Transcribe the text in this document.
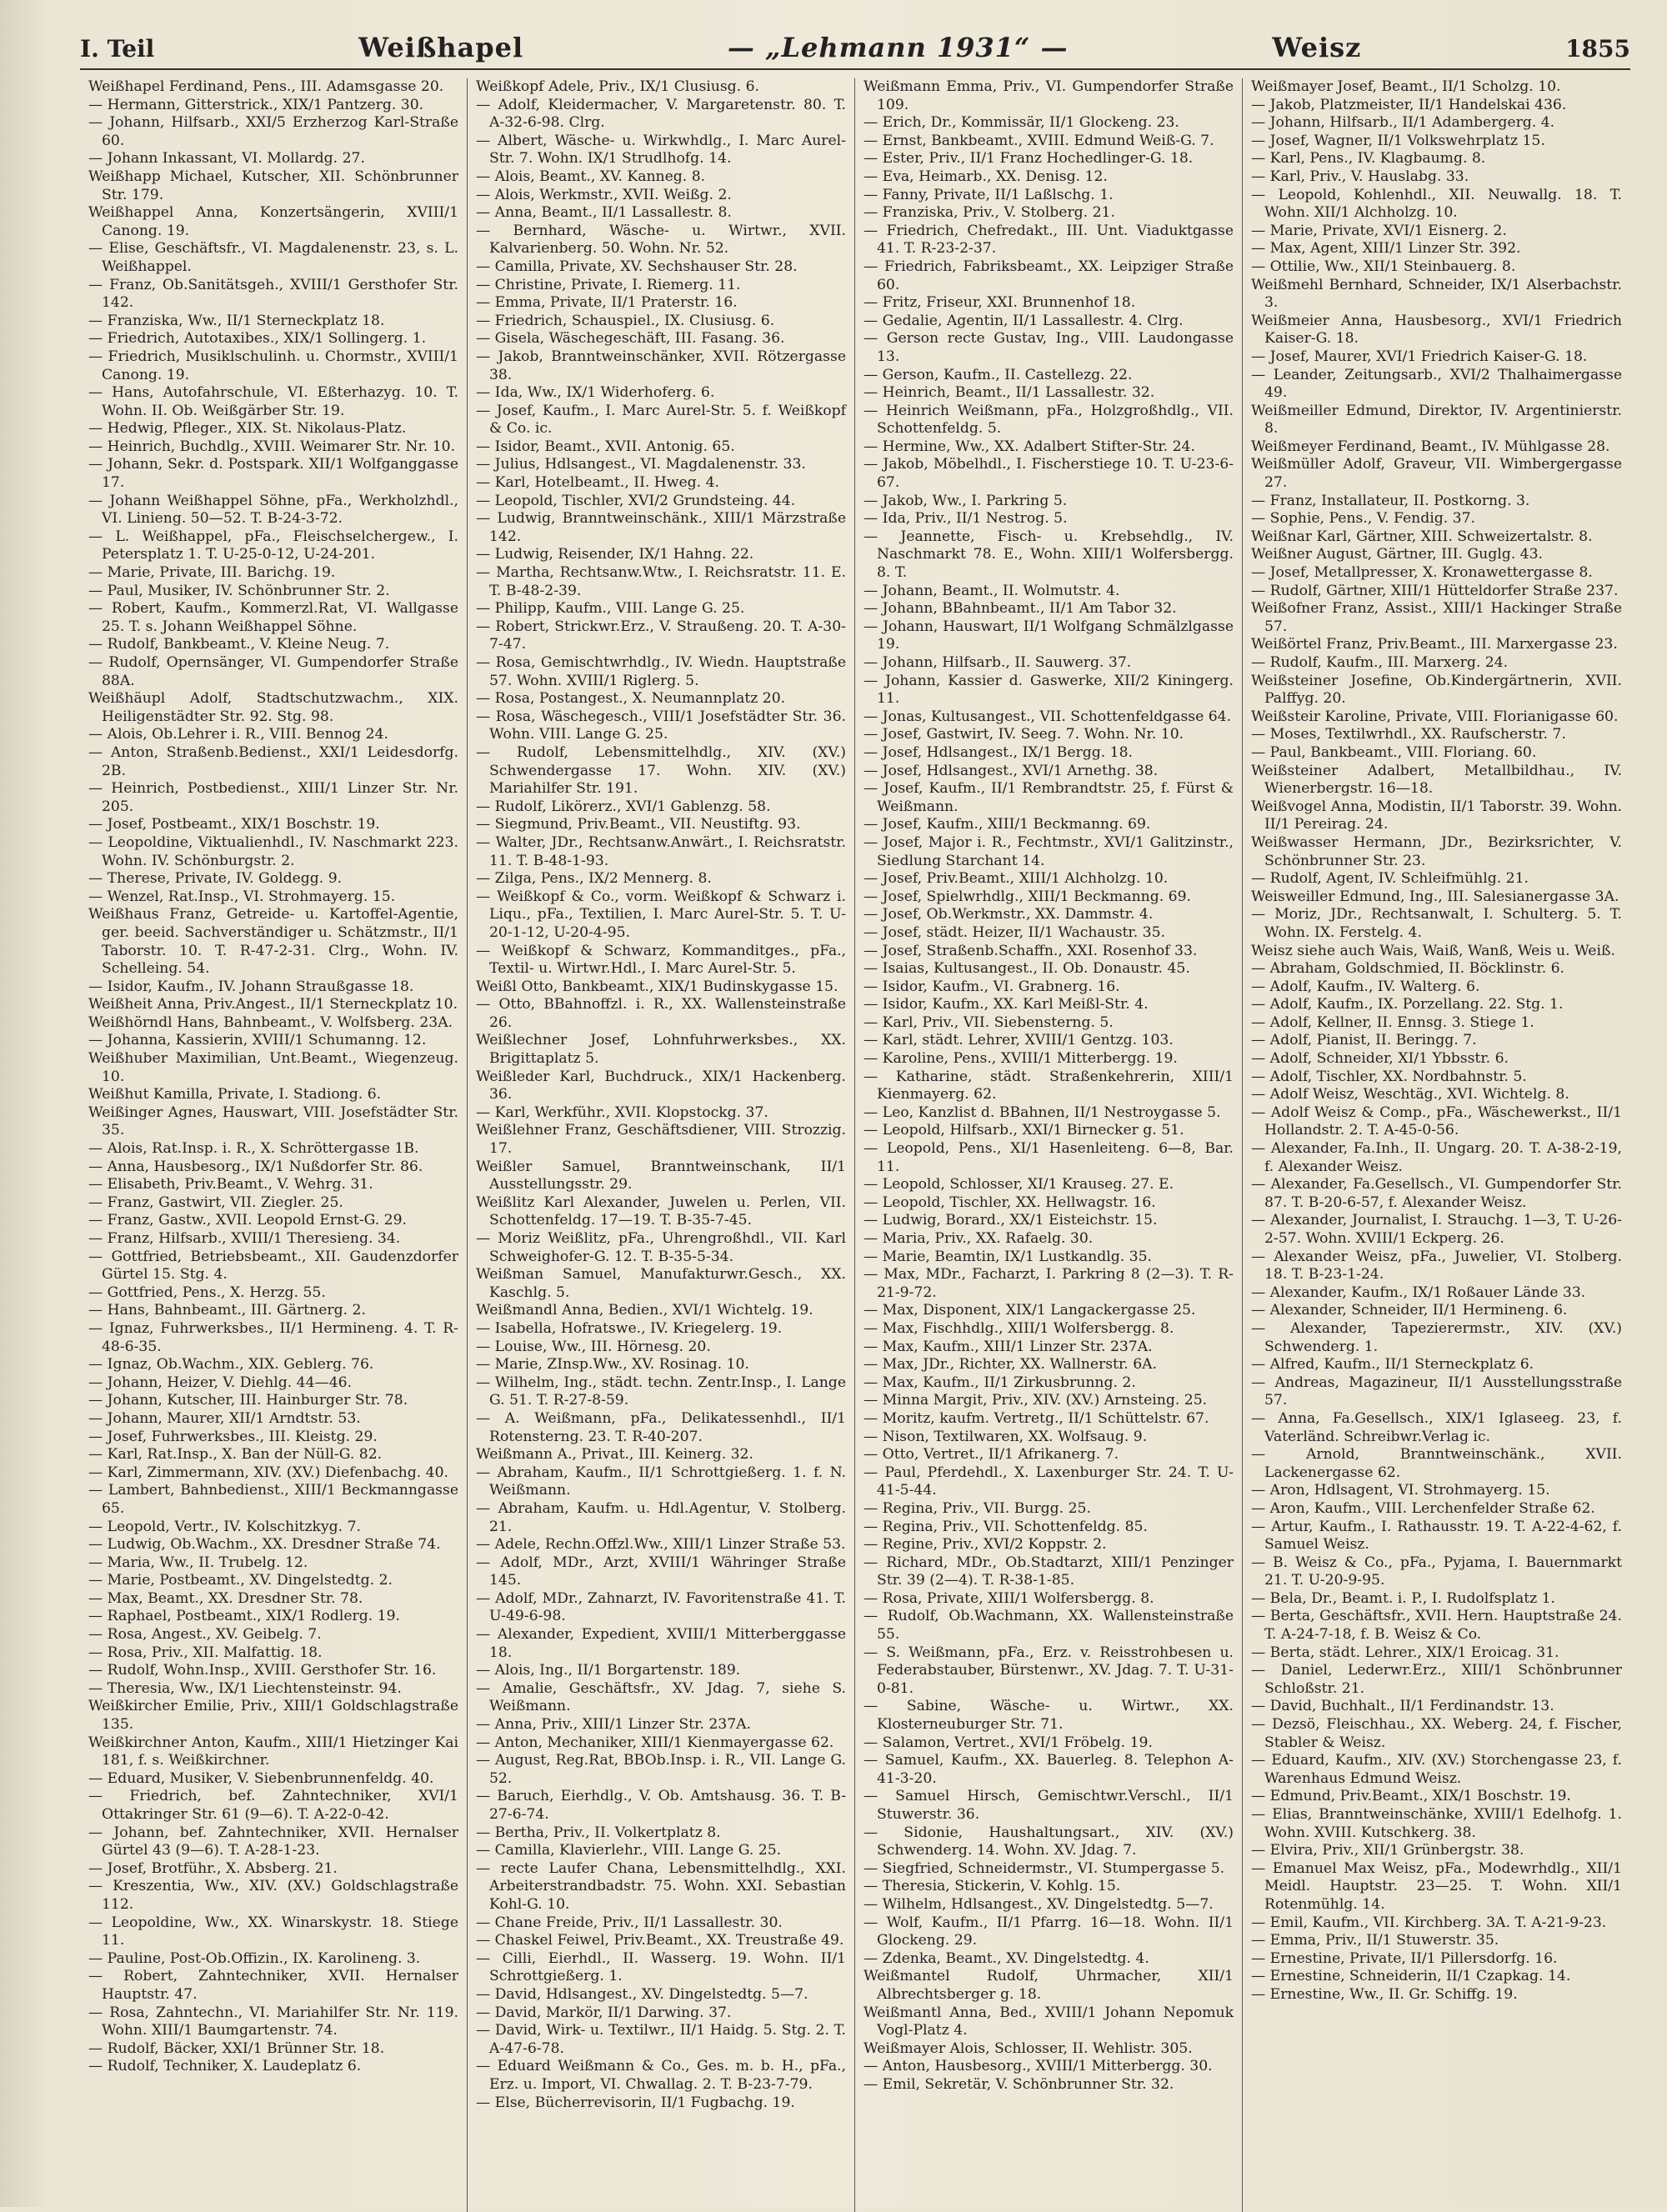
I. Teil	Weißhapel	— „Lehmann 1931“ —	Weisz	1855
Weißhapel Ferdinand, Pens., III. Adamsgasse 20.
— Hermann, Gitterstrick., XIX/1 Pantzerg. 30.
— Johann, Hilfsarb., XXI/5 Erzherzog Karl-Straße 60.
— Johann Inkassant, VI. Mollardg. 27.
Weißhapp Michael, Kutscher, XII. Schönbrunner Str. 179.
Weißhappel Anna, Konzertsängerin, XVIII/1 Canong. 19.
— Elise, Geschäftsfr., VI. Magdalenenstr. 23, s. L. Weißhappel.
— Franz, Ob.Sanitätsgeh., XVIII/1 Gersthofer Str. 142.
— Franziska, Ww., II/1 Sterneckplatz 18.
— Friedrich, Autotaxibes., XIX/1 Sollingerg. 1.
— Friedrich, Musiklschulinh. u. Chormstr., XVIII/1 Canong. 19.
— Hans, Autofahrschule, VI. Eßterhazyg. 10. T. Wohn. II. Ob. Weißgärber Str. 19.
— Hedwig, Pfleger., XIX. St. Nikolaus-Platz.
— Heinrich, Buchdlg., XVIII. Weimarer Str. Nr. 10.
— Johann, Sekr. d. Postspark. XII/1 Wolfganggasse 17.
— Johann Weißhappel Söhne, pFa., Werkholzhdl., VI. Linieng. 50—52. T. B-24-3-72.
— L. Weißhappel, pFa., Fleischselchergew., I. Petersplatz 1. T. U-25-0-12, U-24-201.
— Marie, Private, III. Barichg. 19.
— Paul, Musiker, IV. Schönbrunner Str. 2.
— Robert, Kaufm., Kommerzl.Rat, VI. Wallgasse 25. T. s. Johann Weißhappel Söhne.
— Rudolf, Bankbeamt., V. Kleine Neug. 7.
— Rudolf, Opernsänger, VI. Gumpendorfer Straße 88A.
Weißhäupl Adolf, Stadtschutzwachm., XIX. Heiligenstädter Str. 92. Stg. 98.
— Alois, Ob.Lehrer i. R., VIII. Bennog 24.
— Anton, Straßenb.Bedienst., XXI/1 Leidesdorfg. 2B.
— Heinrich, Postbedienst., XIII/1 Linzer Str. Nr. 205.
— Josef, Postbeamt., XIX/1 Boschstr. 19.
— Leopoldine, Viktualienhdl., IV. Naschmarkt 223. Wohn. IV. Schönburgstr. 2.
— Therese, Private, IV. Goldegg. 9.
— Wenzel, Rat.Insp., VI. Strohmayerg. 15.
Weißhaus Franz, Getreide- u. Kartoffel-Agentie, ger. beeid. Sachverständiger u. Schätzmstr., II/1 Taborstr. 10. T. R-47-2-31. Clrg., Wohn. IV. Schelleing. 54.
— Isidor, Kaufm., IV. Johann Straußgasse 18.
Weißheit Anna, Priv.Angest., II/1 Sterneckplatz 10.
Weißhörndl Hans, Bahnbeamt., V. Wolfsberg. 23A.
— Johanna, Kassierin, XVIII/1 Schumanng. 12.
Weißhuber Maximilian, Unt.Beamt., Wiegenzeug. 10.
Weißhut Kamilla, Private, I. Stadiong. 6.
Weißinger Agnes, Hauswart, VIII. Josefstädter Str. 35.
— Alois, Rat.Insp. i. R., X. Schröttergasse 1B.
— Anna, Hausbesorg., IX/1 Nußdorfer Str. 86.
— Elisabeth, Priv.Beamt., V. Wehrg. 31.
— Franz, Gastwirt, VII. Ziegler. 25.
— Franz, Gastw., XVII. Leopold Ernst-G. 29.
— Franz, Hilfsarb., XVIII/1 Theresieng. 34.
— Gottfried, Betriebsbeamt., XII. Gaudenzdorfer Gürtel 15. Stg. 4.
— Gottfried, Pens., X. Herzg. 55.
— Hans, Bahnbeamt., III. Gärtnerg. 2.
— Ignaz, Fuhrwerksbes., II/1 Hermineng. 4. T. R-48-6-35.
— Ignaz, Ob.Wachm., XIX. Geblerg. 76.
— Johann, Heizer, V. Diehlg. 44—46.
— Johann, Kutscher, III. Hainburger Str. 78.
— Johann, Maurer, XII/1 Arndtstr. 53.
— Josef, Fuhrwerksbes., III. Kleistg. 29.
— Karl, Rat.Insp., X. Ban der Nüll-G. 82.
— Karl, Zimmermann, XIV. (XV.) Diefenbachg. 40.
— Lambert, Bahnbedienst., XIII/1 Beckmanngasse 65.
— Leopold, Vertr., IV. Kolschitzkyg. 7.
— Ludwig, Ob.Wachm., XX. Dresdner Straße 74.
— Maria, Ww., II. Trubelg. 12.
— Marie, Postbeamt., XV. Dingelstedtg. 2.
— Max, Beamt., XX. Dresdner Str. 78.
— Raphael, Postbeamt., XIX/1 Rodlerg. 19.
— Rosa, Angest., XV. Geibelg. 7.
— Rosa, Priv., XII. Malfattig. 18.
— Rudolf, Wohn.Insp., XVIII. Gersthofer Str. 16.
— Theresia, Ww., IX/1 Liechtensteinstr. 94.
Weißkircher Emilie, Priv., XIII/1 Goldschlagstraße 135.
Weißkirchner Anton, Kaufm., XIII/1 Hietzinger Kai 181, f. s. Weißkirchner.
— Eduard, Musiker, V. Siebenbrunnenfeldg. 40.
— Friedrich, bef. Zahntechniker, XVI/1 Ottakringer Str. 61 (9—6). T. A-22-0-42.
— Johann, bef. Zahntechniker, XVII. Hernalser Gürtel 43 (9—6). T. A-28-1-23.
— Josef, Brotführ., X. Absberg. 21.
— Kreszentia, Ww., XIV. (XV.) Goldschlagstraße 112.
— Leopoldine, Ww., XX. Winarskystr. 18. Stiege 11.
— Pauline, Post-Ob.Offizin., IX. Karolineng. 3.
— Robert, Zahntechniker, XVII. Hernalser Hauptstr. 47.
— Rosa, Zahntechn., VI. Mariahilfer Str. Nr. 119. Wohn. XIII/1 Baumgartenstr. 74.
— Rudolf, Bäcker, XXI/1 Brünner Str. 18.
— Rudolf, Techniker, X. Laudeplatz 6.
Weißkopf Adele, Priv., IX/1 Clusiusg. 6.
— Adolf, Kleidermacher, V. Margaretenstr. 80. T. A-32-6-98. Clrg.
— Albert, Wäsche- u. Wirkwhdlg., I. Marc Aurel-Str. 7. Wohn. IX/1 Strudlhofg. 14.
— Alois, Beamt., XV. Kanneg. 8.
— Alois, Werkmstr., XVII. Weißg. 2.
— Anna, Beamt., II/1 Lassallestr. 8.
— Bernhard, Wäsche- u. Wirtwr., XVII. Kalvarienberg. 50. Wohn. Nr. 52.
— Camilla, Private, XV. Sechshauser Str. 28.
— Christine, Private, I. Riemerg. 11.
— Emma, Private, II/1 Praterstr. 16.
— Friedrich, Schauspiel., IX. Clusiusg. 6.
— Gisela, Wäschegeschäft, III. Fasang. 36.
— Jakob, Branntweinschänker, XVII. Rötzergasse 38.
— Ida, Ww., IX/1 Widerhoferg. 6.
— Josef, Kaufm., I. Marc Aurel-Str. 5. f. Weißkopf & Co. ic.
— Isidor, Beamt., XVII. Antonig. 65.
— Julius, Hdlsangest., VI. Magdalenenstr. 33.
— Karl, Hotelbeamt., II. Hweg. 4.
— Leopold, Tischler, XVI/2 Grundsteing. 44.
— Ludwig, Branntweinschänk., XIII/1 Märzstraße 142.
— Ludwig, Reisender, IX/1 Hahng. 22.
— Martha, Rechtsanw.Wtw., I. Reichsratstr. 11. E. T. B-48-2-39.
— Philipp, Kaufm., VIII. Lange G. 25.
— Robert, Strickwr.Erz., V. Straußeng. 20. T. A-30-7-47.
— Rosa, Gemischtwrhdlg., IV. Wiedn. Hauptstraße 57. Wohn. XVIII/1 Riglerg. 5.
— Rosa, Postangest., X. Neumannplatz 20.
— Rosa, Wäschegesch., VIII/1 Josefstädter Str. 36. Wohn. VIII. Lange G. 25.
— Rudolf, Lebensmittelhdlg., XIV. (XV.) Schwendergasse 17. Wohn. XIV. (XV.) Mariahilfer Str. 191.
— Rudolf, Likörerz., XVI/1 Gablenzg. 58.
— Siegmund, Priv.Beamt., VII. Neustiftg. 93.
— Walter, JDr., Rechtsanw.Anwärt., I. Reichsratstr. 11. T. B-48-1-93.
— Zilga, Pens., IX/2 Mennerg. 8.
— Weißkopf & Co., vorm. Weißkopf & Schwarz i. Liqu., pFa., Textilien, I. Marc Aurel-Str. 5. T. U-20-1-12, U-20-4-95.
— Weißkopf & Schwarz, Kommanditges., pFa., Textil- u. Wirtwr.Hdl., I. Marc Aurel-Str. 5.
Weißl Otto, Bankbeamt., XIX/1 Budinskygasse 15.
— Otto, BBahnoffzl. i. R., XX. Wallensteinstraße 26.
Weißlechner Josef, Lohnfuhrwerksbes., XX. Brigittaplatz 5.
Weißleder Karl, Buchdruck., XIX/1 Hackenberg. 36.
— Karl, Werkführ., XVII. Klopstockg. 37.
Weißlehner Franz, Geschäftsdiener, VIII. Strozzig. 17.
Weißler Samuel, Branntweinschank, II/1 Ausstellungsstr. 29.
Weißlitz Karl Alexander, Juwelen u. Perlen, VII. Schottenfeldg. 17—19. T. B-35-7-45.
— Moriz Weißlitz, pFa., Uhrengroßhdl., VII. Karl Schweighofer-G. 12. T. B-35-5-34.
Weißman Samuel, Manufakturwr.Gesch., XX. Kaschlg. 5.
Weißmandl Anna, Bedien., XVI/1 Wichtelg. 19.
— Isabella, Hofratswe., IV. Kriegelerg. 19.
— Louise, Ww., III. Hörnesg. 20.
— Marie, ZInsp.Ww., XV. Rosinag. 10.
— Wilhelm, Ing., städt. techn. Zentr.Insp., I. Lange G. 51. T. R-27-8-59.
— A. Weißmann, pFa., Delikatessenhdl., II/1 Rotensterng. 23. T. R-40-207.
Weißmann A., Privat., III. Keinerg. 32.
— Abraham, Kaufm., II/1 Schrottgießerg. 1. f. N. Weißmann.
— Abraham, Kaufm. u. Hdl.Agentur, V. Stolberg. 21.
— Adele, Rechn.Offzl.Ww., XIII/1 Linzer Straße 53.
— Adolf, MDr., Arzt, XVIII/1 Währinger Straße 145.
— Adolf, MDr., Zahnarzt, IV. Favoritenstraße 41. T. U-49-6-98.
— Alexander, Expedient, XVIII/1 Mitterberggasse 18.
— Alois, Ing., II/1 Borgartenstr. 189.
— Amalie, Geschäftsfr., XV. Jdag. 7, siehe S. Weißmann.
— Anna, Priv., XIII/1 Linzer Str. 237A.
— Anton, Mechaniker, XIII/1 Kienmayergasse 62.
— August, Reg.Rat, BBOb.Insp. i. R., VII. Lange G. 52.
— Baruch, Eierhdlg., V. Ob. Amtshausg. 36. T. B-27-6-74.
— Bertha, Priv., II. Volkertplatz 8.
— Camilla, Klavierlehr., VIII. Lange G. 25.
— recte Laufer Chana, Lebensmittelhdlg., XXI. Arbeiterstrandbadstr. 75. Wohn. XXI. Sebastian Kohl-G. 10.
— Chane Freide, Priv., II/1 Lassallestr. 30.
— Chaskel Feiwel, Priv.Beamt., XX. Treustraße 49.
— Cilli, Eierhdl., II. Wasserg. 19. Wohn. II/1 Schrottgießerg. 1.
— David, Hdlsangest., XV. Dingelstedtg. 5—7.
— David, Markör, II/1 Darwing. 37.
— David, Wirk- u. Textilwr., II/1 Haidg. 5. Stg. 2. T. A-47-6-78.
— Eduard Weißmann & Co., Ges. m. b. H., pFa., Erz. u. Import, VI. Chwallag. 2. T. B-23-7-79.
— Else, Bücherrevisorin, II/1 Fugbachg. 19.
Weißmann Emma, Priv., VI. Gumpendorfer Straße 109.
— Erich, Dr., Kommissär, II/1 Glockeng. 23.
— Ernst, Bankbeamt., XVIII. Edmund Weiß-G. 7.
— Ester, Priv., II/1 Franz Hochedlinger-G. 18.
— Eva, Heimarb., XX. Denisg. 12.
— Fanny, Private, II/1 Laßlschg. 1.
— Franziska, Priv., V. Stolberg. 21.
— Friedrich, Chefredakt., III. Unt. Viaduktgasse 41. T. R-23-2-37.
— Friedrich, Fabriksbeamt., XX. Leipziger Straße 60.
— Fritz, Friseur, XXI. Brunnenhof 18.
— Gedalie, Agentin, II/1 Lassallestr. 4. Clrg.
— Gerson recte Gustav, Ing., VIII. Laudongasse 13.
— Gerson, Kaufm., II. Castellezg. 22.
— Heinrich, Beamt., II/1 Lassallestr. 32.
— Heinrich Weißmann, pFa., Holzgroßhdlg., VII. Schottenfeldg. 5.
— Hermine, Ww., XX. Adalbert Stifter-Str. 24.
— Jakob, Möbelhdl., I. Fischerstiege 10. T. U-23-6-67.
— Jakob, Ww., I. Parkring 5.
— Ida, Priv., II/1 Nestrog. 5.
— Jeannette, Fisch- u. Krebsehdlg., IV. Naschmarkt 78. E., Wohn. XIII/1 Wolfersbergg. 8. T.
— Johann, Beamt., II. Wolmutstr. 4.
— Johann, BBahnbeamt., II/1 Am Tabor 32.
— Johann, Hauswart, II/1 Wolfgang Schmälzlgasse 19.
— Johann, Hilfsarb., II. Sauwerg. 37.
— Johann, Kassier d. Gaswerke, XII/2 Kiningerg. 11.
— Jonas, Kultusangest., VII. Schottenfeldgasse 64.
— Josef, Gastwirt, IV. Seeg. 7. Wohn. Nr. 10.
— Josef, Hdlsangest., IX/1 Bergg. 18.
— Josef, Hdlsangest., XVI/1 Arnethg. 38.
— Josef, Kaufm., II/1 Rembrandtstr. 25, f. Fürst & Weißmann.
— Josef, Kaufm., XIII/1 Beckmanng. 69.
— Josef, Major i. R., Fechtmstr., XVI/1 Galitzinstr., Siedlung Starchant 14.
— Josef, Priv.Beamt., XIII/1 Alchholzg. 10.
— Josef, Spielwrhdlg., XIII/1 Beckmanng. 69.
— Josef, Ob.Werkmstr., XX. Dammstr. 4.
— Josef, städt. Heizer, II/1 Wachaustr. 35.
— Josef, Straßenb.Schaffn., XXI. Rosenhof 33.
— Isaias, Kultusangest., II. Ob. Donaustr. 45.
— Isidor, Kaufm., VI. Grabnerg. 16.
— Isidor, Kaufm., XX. Karl Meißl-Str. 4.
— Karl, Priv., VII. Siebensterng. 5.
— Karl, städt. Lehrer, XVIII/1 Gentzg. 103.
— Karoline, Pens., XVIII/1 Mitterbergg. 19.
— Katharine, städt. Straßenkehrerin, XIII/1 Kienmayerg. 62.
— Leo, Kanzlist d. BBahnen, II/1 Nestroygasse 5.
— Leopold, Hilfsarb., XXI/1 Birnecker g. 51.
— Leopold, Pens., XI/1 Hasenleiteng. 6—8, Bar. 11.
— Leopold, Schlosser, XI/1 Krauseg. 27. E.
— Leopold, Tischler, XX. Hellwagstr. 16.
— Ludwig, Borard., XX/1 Eisteichstr. 15.
— Maria, Priv., XX. Rafaelg. 30.
— Marie, Beamtin, IX/1 Lustkandlg. 35.
— Max, MDr., Facharzt, I. Parkring 8 (2—3). T. R-21-9-72.
— Max, Disponent, XIX/1 Langackergasse 25.
— Max, Fischhdlg., XIII/1 Wolfersbergg. 8.
— Max, Kaufm., XIII/1 Linzer Str. 237A.
— Max, JDr., Richter, XX. Wallnerstr. 6A.
— Max, Kaufm., II/1 Zirkusbrunng. 2.
— Minna Margit, Priv., XIV. (XV.) Arnsteing. 25.
— Moritz, kaufm. Vertretg., II/1 Schüttelstr. 67.
— Nison, Textilwaren, XX. Wolfsaug. 9.
— Otto, Vertret., II/1 Afrikanerg. 7.
— Paul, Pferdehdl., X. Laxenburger Str. 24. T. U-41-5-44.
— Regina, Priv., VII. Burgg. 25.
— Regina, Priv., VII. Schottenfeldg. 85.
— Regine, Priv., XVI/2 Koppstr. 2.
— Richard, MDr., Ob.Stadtarzt, XIII/1 Penzinger Str. 39 (2—4). T. R-38-1-85.
— Rosa, Private, XIII/1 Wolfersbergg. 8.
— Rudolf, Ob.Wachmann, XX. Wallensteinstraße 55.
— S. Weißmann, pFa., Erz. v. Reisstrohbesen u. Federabstauber, Bürstenwr., XV. Jdag. 7. T. U-31-0-81.
— Sabine, Wäsche- u. Wirtwr., XX. Klosterneuburger Str. 71.
— Salamon, Vertret., XVI/1 Fröbelg. 19.
— Samuel, Kaufm., XX. Bauerleg. 8. Telephon A-41-3-20.
— Samuel Hirsch, Gemischtwr.Verschl., II/1 Stuwerstr. 36.
— Sidonie, Haushaltungsart., XIV. (XV.) Schwenderg. 14. Wohn. XV. Jdag. 7.
— Siegfried, Schneidermstr., VI. Stumpergasse 5.
— Theresia, Stickerin, V. Kohlg. 15.
— Wilhelm, Hdlsangest., XV. Dingelstedtg. 5—7.
— Wolf, Kaufm., II/1 Pfarrg. 16—18. Wohn. II/1 Glockeng. 29.
— Zdenka, Beamt., XV. Dingelstedtg. 4.
Weißmantel Rudolf, Uhrmacher, XII/1 Albrechtsberger g. 18.
Weißmantl Anna, Bed., XVIII/1 Johann Nepomuk Vogl-Platz 4.
Weißmayer Alois, Schlosser, II. Wehlistr. 305.
— Anton, Hausbesorg., XVIII/1 Mitterbergg. 30.
— Emil, Sekretär, V. Schönbrunner Str. 32.
Weißmayer Josef, Beamt., II/1 Scholzg. 10.
— Jakob, Platzmeister, II/1 Handelskai 436.
— Johann, Hilfsarb., II/1 Adambergerg. 4.
— Josef, Wagner, II/1 Volkswehrplatz 15.
— Karl, Pens., IV. Klagbaumg. 8.
— Karl, Priv., V. Hauslabg. 33.
— Leopold, Kohlenhdl., XII. Neuwallg. 18. T. Wohn. XII/1 Alchholzg. 10.
— Marie, Private, XVI/1 Eisnerg. 2.
— Max, Agent, XIII/1 Linzer Str. 392.
— Ottilie, Ww., XII/1 Steinbauerg. 8.
Weißmehl Bernhard, Schneider, IX/1 Alserbachstr. 3.
Weißmeier Anna, Hausbesorg., XVI/1 Friedrich Kaiser-G. 18.
— Josef, Maurer, XVI/1 Friedrich Kaiser-G. 18.
— Leander, Zeitungsarb., XVI/2 Thalhaimergasse 49.
Weißmeiller Edmund, Direktor, IV. Argentinierstr. 8.
Weißmeyer Ferdinand, Beamt., IV. Mühlgasse 28.
Weißmüller Adolf, Graveur, VII. Wimbergergasse 27.
— Franz, Installateur, II. Postkorng. 3.
— Sophie, Pens., V. Fendig. 37.
Weißnar Karl, Gärtner, XIII. Schweizertalstr. 8.
Weißner August, Gärtner, III. Guglg. 43.
— Josef, Metallpresser, X. Kronawettergasse 8.
— Rudolf, Gärtner, XIII/1 Hütteldorfer Straße 237.
Weißofner Franz, Assist., XIII/1 Hackinger Straße 57.
Weißörtel Franz, Priv.Beamt., III. Marxergasse 23.
— Rudolf, Kaufm., III. Marxerg. 24.
Weißsteiner Josefine, Ob.Kindergärtnerin, XVII. Palffyg. 20.
Weißsteir Karoline, Private, VIII. Florianigasse 60.
— Moses, Textilwrhdl., XX. Raufscherstr. 7.
— Paul, Bankbeamt., VIII. Floriang. 60.
Weißsteiner Adalbert, Metallbildhau., IV. Wienerbergstr. 16—18.
Weißvogel Anna, Modistin, II/1 Taborstr. 39. Wohn. II/1 Pereirag. 24.
Weißwasser Hermann, JDr., Bezirksrichter, V. Schönbrunner Str. 23.
— Rudolf, Agent, IV. Schleifmühlg. 21.
Weisweiller Edmund, Ing., III. Salesianergasse 3A.
— Moriz, JDr., Rechtsanwalt, I. Schulterg. 5. T. Wohn. IX. Ferstelg. 4.
Weisz siehe auch Wais, Waiß, Wanß, Weis u. Weiß.
— Abraham, Goldschmied, II. Böcklinstr. 6.
— Adolf, Kaufm., IV. Walterg. 6.
— Adolf, Kaufm., IX. Porzellang. 22. Stg. 1.
— Adolf, Kellner, II. Ennsg. 3. Stiege 1.
— Adolf, Pianist, II. Beringg. 7.
— Adolf, Schneider, XI/1 Ybbsstr. 6.
— Adolf, Tischler, XX. Nordbahnstr. 5.
— Adolf Weisz, Weschtäg., XVI. Wichtelg. 8.
— Adolf Weisz & Comp., pFa., Wäschewerkst., II/1 Hollandstr. 2. T. A-45-0-56.
— Alexander, Fa.Inh., II. Ungarg. 20. T. A-38-2-19, f. Alexander Weisz.
— Alexander, Fa.Gesellsch., VI. Gumpendorfer Str. 87. T. B-20-6-57, f. Alexander Weisz.
— Alexander, Journalist, I. Strauchg. 1—3, T. U-26-2-57. Wohn. XVIII/1 Eckperg. 26.
— Alexander Weisz, pFa., Juwelier, VI. Stolberg. 18. T. B-23-1-24.
— Alexander, Kaufm., IX/1 Roßauer Lände 33.
— Alexander, Schneider, II/1 Hermineng. 6.
— Alexander, Tapezierermstr., XIV. (XV.) Schwenderg. 1.
— Alfred, Kaufm., II/1 Sterneckplatz 6.
— Andreas, Magazineur, II/1 Ausstellungsstraße 57.
— Anna, Fa.Gesellsch., XIX/1 Iglaseeg. 23, f. Vaterländ. Schreibwr.Verlag ic.
— Arnold, Branntweinschänk., XVII. Lackenergasse 62.
— Aron, Hdlsagent, VI. Strohmayerg. 15.
— Aron, Kaufm., VIII. Lerchenfelder Straße 62.
— Artur, Kaufm., I. Rathausstr. 19. T. A-22-4-62, f. Samuel Weisz.
— B. Weisz & Co., pFa., Pyjama, I. Bauernmarkt 21. T. U-20-9-95.
— Bela, Dr., Beamt. i. P., I. Rudolfsplatz 1.
— Berta, Geschäftsfr., XVII. Hern. Hauptstraße 24. T. A-24-7-18, f. B. Weisz & Co.
— Berta, städt. Lehrer., XIX/1 Eroicag. 31.
— Daniel, Lederwr.Erz., XIII/1 Schönbrunner Schloßstr. 21.
— David, Buchhalt., II/1 Ferdinandstr. 13.
— Dezsö, Fleischhau., XX. Weberg. 24, f. Fischer, Stabler & Weisz.
— Eduard, Kaufm., XIV. (XV.) Storchengasse 23, f. Warenhaus Edmund Weisz.
— Edmund, Priv.Beamt., XIX/1 Boschstr. 19.
— Elias, Branntweinschänke, XVIII/1 Edelhofg. 1. Wohn. XVIII. Kutschkerg. 38.
— Elvira, Priv., XII/1 Grünbergstr. 38.
— Emanuel Max Weisz, pFa., Modewrhdlg., XII/1 Meidl. Hauptstr. 23—25. T. Wohn. XII/1 Rotenmühlg. 14.
— Emil, Kaufm., VII. Kirchberg. 3A. T. A-21-9-23.
— Emma, Priv., II/1 Stuwerstr. 35.
— Ernestine, Private, II/1 Pillersdorfg. 16.
— Ernestine, Schneiderin, II/1 Czapkag. 14.
— Ernestine, Ww., II. Gr. Schiffg. 19.
